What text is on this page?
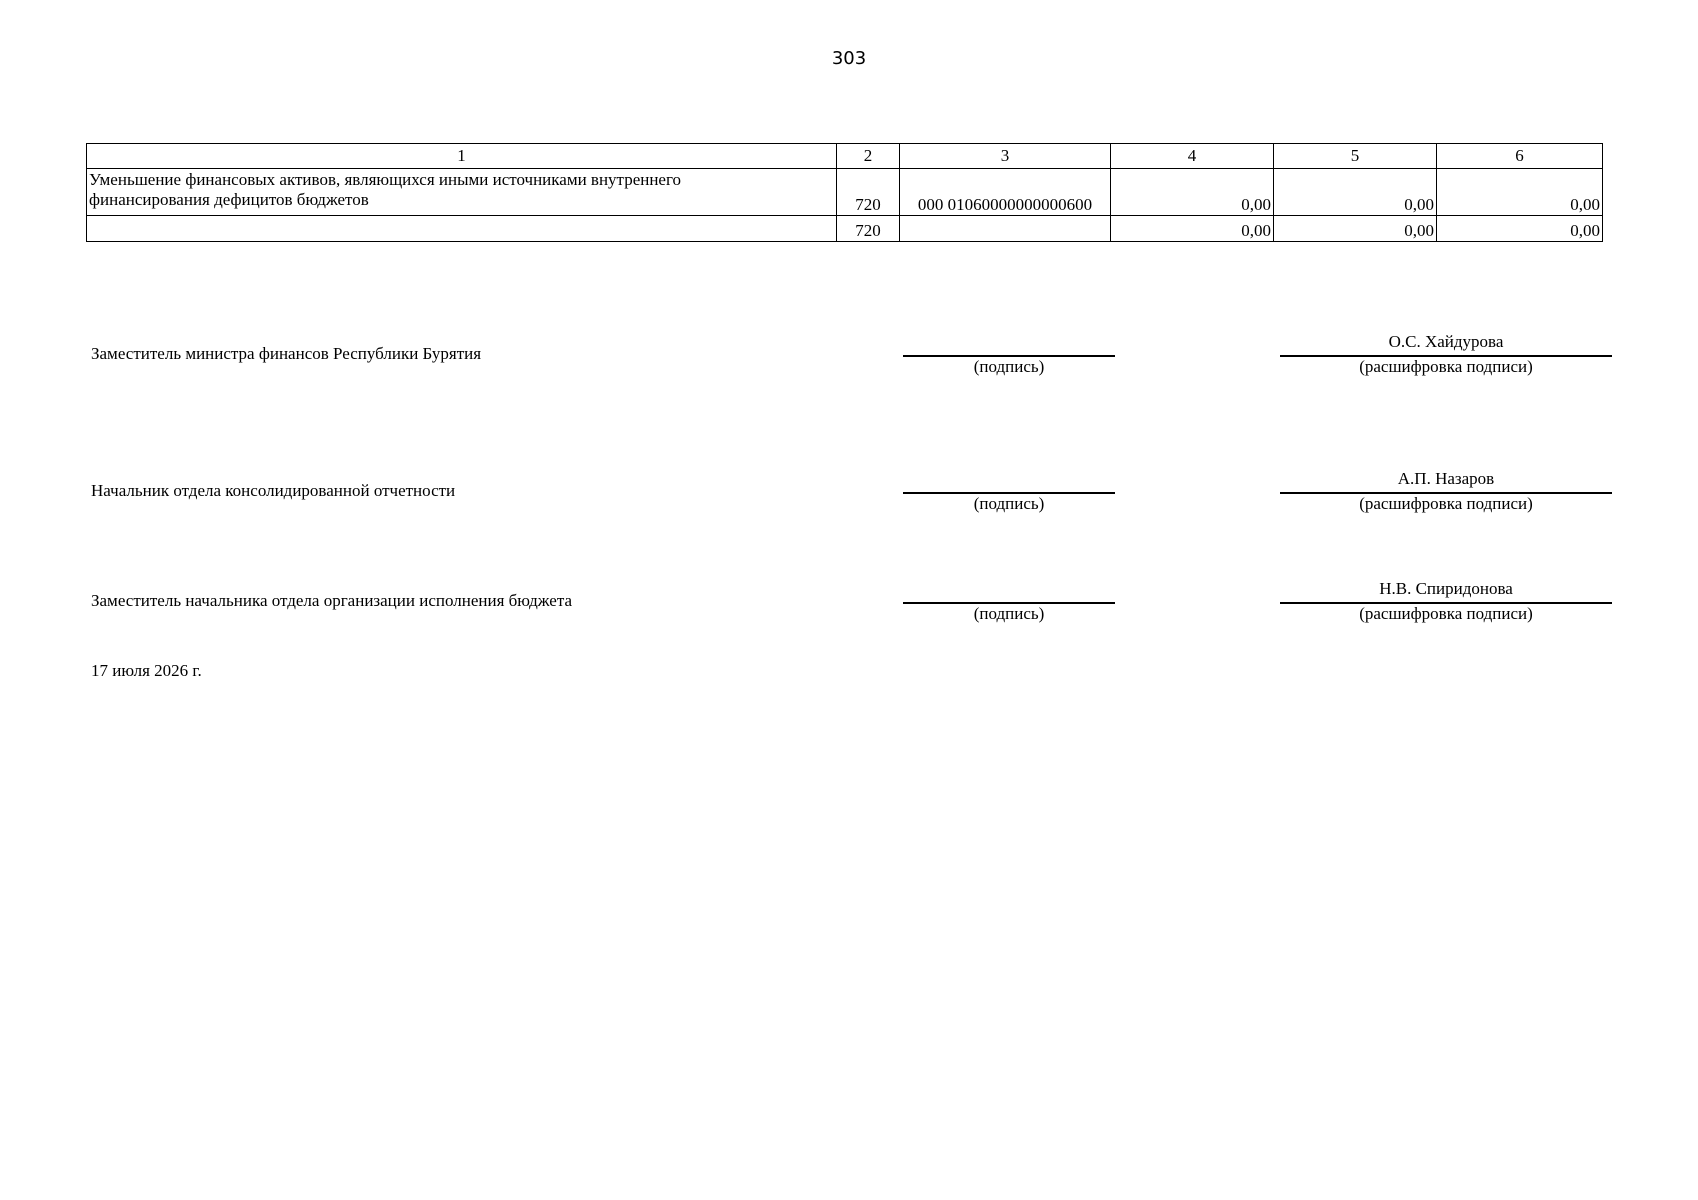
303
1	2	3	4	5	6

Уменьшение финансовых активов, являющихся иными источниками внутреннего
финансирования дефицитов бюджетов	720	000 01060000000000600	0,00	0,00	0,00
	720		0,00	0,00	0,00
Заместитель министра финансов Республики Бурятия
(подпись)
О.С. Хайдурова
(расшифровка подписи)
Начальник отдела консолидированной отчетности
(подпись)
А.П. Назаров
(расшифровка подписи)
Заместитель начальника отдела организации исполнения бюджета
(подпись)
Н.В. Спиридонова
(расшифровка подписи)
17 июля 2026 г.
